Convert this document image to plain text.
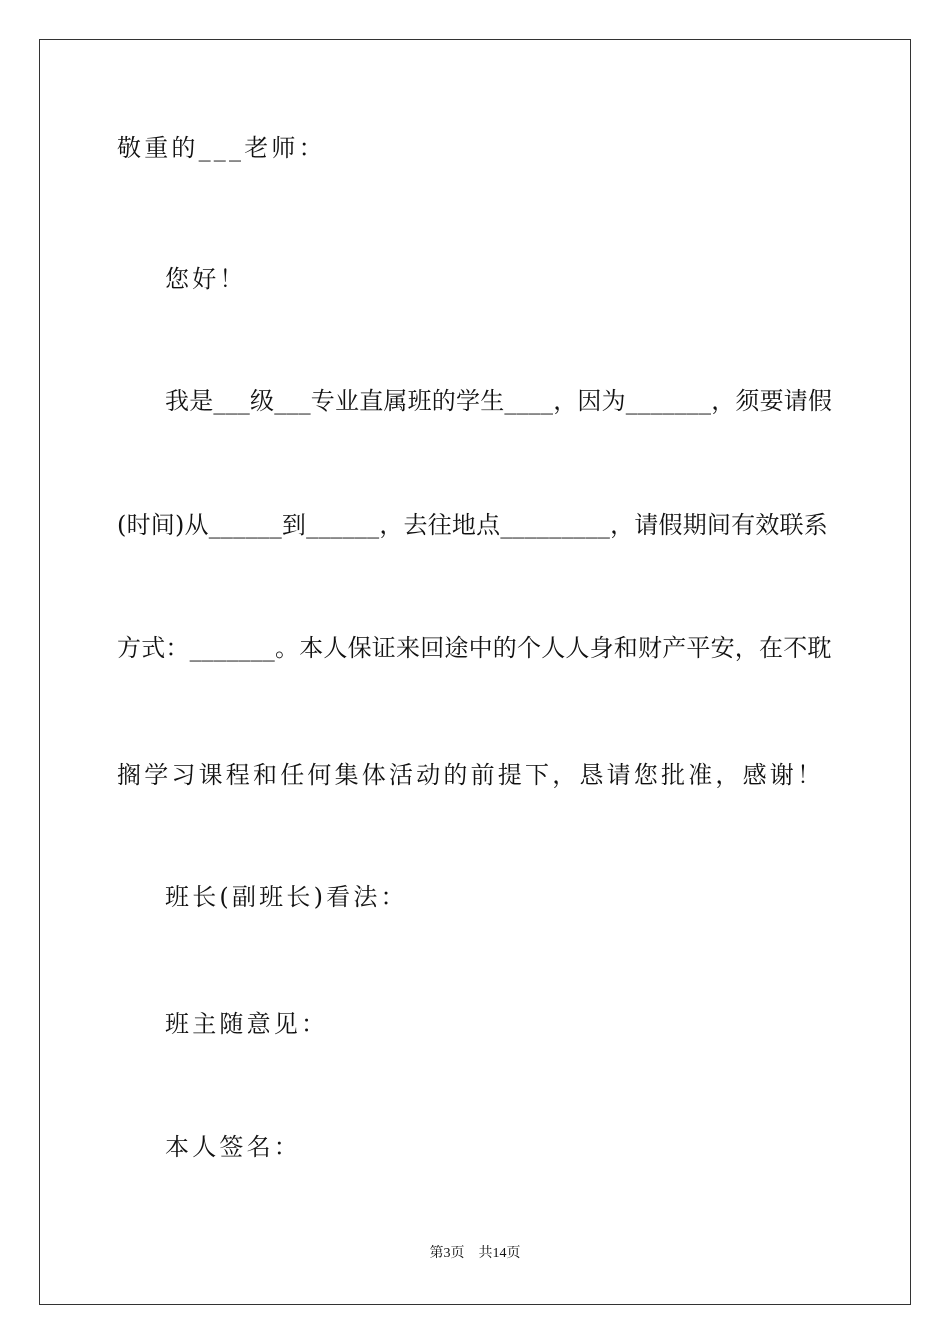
敬重的___老师：
您好！
我是___级___专业直属班的学生____，因为_______，须要请假
(时间)从______到______，去往地点_________，请假期间有效联系
方式：_______。本人保证来回途中的个人人身和财产平安，在不耽
搁学习课程和任何集体活动的前提下，恳请您批准，感谢！
班长(副班长)看法：
班主随意见：
本人签名：
第3页　共14页
